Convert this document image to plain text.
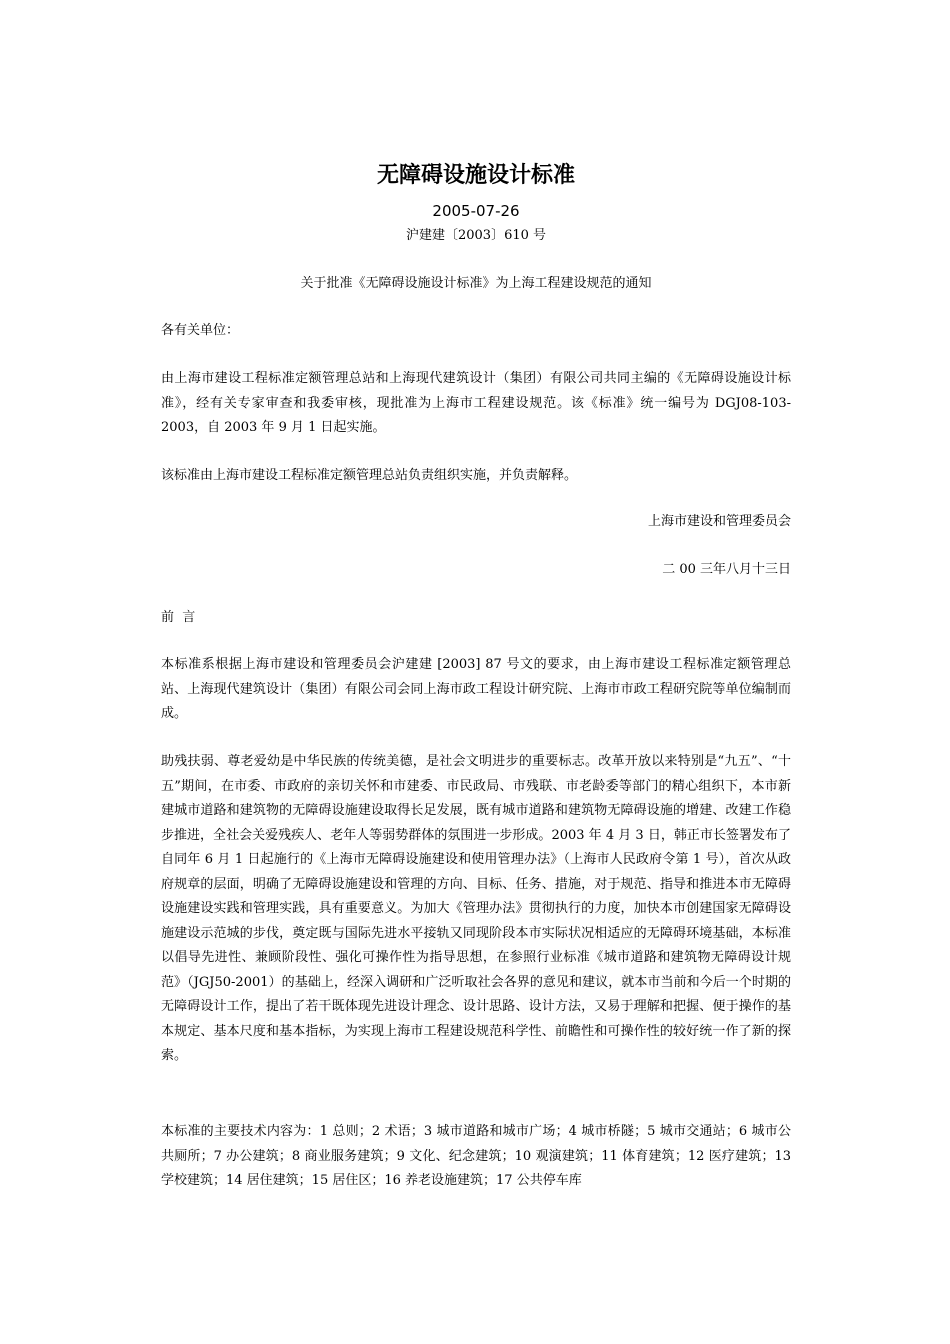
无障碍设施设计标准
2005-07-26
沪建建〔2003〕610 号
关于批准《无障碍设施设计标准》为上海工程建设规范的通知

各有关单位：

由上海市建设工程标准定额管理总站和上海现代建筑设计（集团）有限公司共同主编的《无障碍设施设计标准》，经有关专家审查和我委审核，现批准为上海市工程建设规范。该《标准》统一编号为 DGJ08-103-2003，自 2003 年 9 月 1 日起实施。

该标准由上海市建设工程标准定额管理总站负责组织实施，并负责解释。

上海市建设和管理委员会
二 00 三年八月十三日

前  言

本标准系根据上海市建设和管理委员会沪建建 [2003] 87 号文的要求，由上海市建设工程标准定额管理总站、上海现代建筑设计（集团）有限公司会同上海市政工程设计研究院、上海市市政工程研究院等单位编制而成。

助残扶弱、尊老爱幼是中华民族的传统美德，是社会文明进步的重要标志。改革开放以来特别是“九五”、“十五”期间，在市委、市政府的亲切关怀和市建委、市民政局、市残联、市老龄委等部门的精心组织下，本市新建城市道路和建筑物的无障碍设施建设取得长足发展，既有城市道路和建筑物无障碍设施的增建、改建工作稳步推进，全社会关爱残疾人、老年人等弱势群体的氛围进一步形成。2003 年 4 月 3 日，韩正市长签署发布了自同年 6 月 1 日起施行的《上海市无障碍设施建设和使用管理办法》（上海市人民政府令第 1 号），首次从政府规章的层面，明确了无障碍设施建设和管理的方向、目标、任务、措施，对于规范、指导和推进本市无障碍设施建设实践和管理实践，具有重要意义。为加大《管理办法》贯彻执行的力度，加快本市创建国家无障碍设施建设示范城的步伐，奠定既与国际先进水平接轨又同现阶段本市实际状况相适应的无障碍环境基础，本标准以倡导先进性、兼顾阶段性、强化可操作性为指导思想，在参照行业标准《城市道路和建筑物无障碍设计规范》（JGJ50-2001）的基础上，经深入调研和广泛听取社会各界的意见和建议，就本市当前和今后一个时期的无障碍设计工作，提出了若干既体现先进设计理念、设计思路、设计方法，又易于理解和把握、便于操作的基本规定、基本尺度和基本指标，为实现上海市工程建设规范科学性、前瞻性和可操作性的较好统一作了新的探索。

本标准的主要技术内容为：1 总则；2 术语；3 城市道路和城市广场；4 城市桥隧；5 城市交通站；6 城市公共厕所；7 办公建筑；8 商业服务建筑；9 文化、纪念建筑；10 观演建筑；11 体育建筑；12 医疗建筑；13 学校建筑；14 居住建筑；15 居住区；16 养老设施建筑；17 公共停车库
